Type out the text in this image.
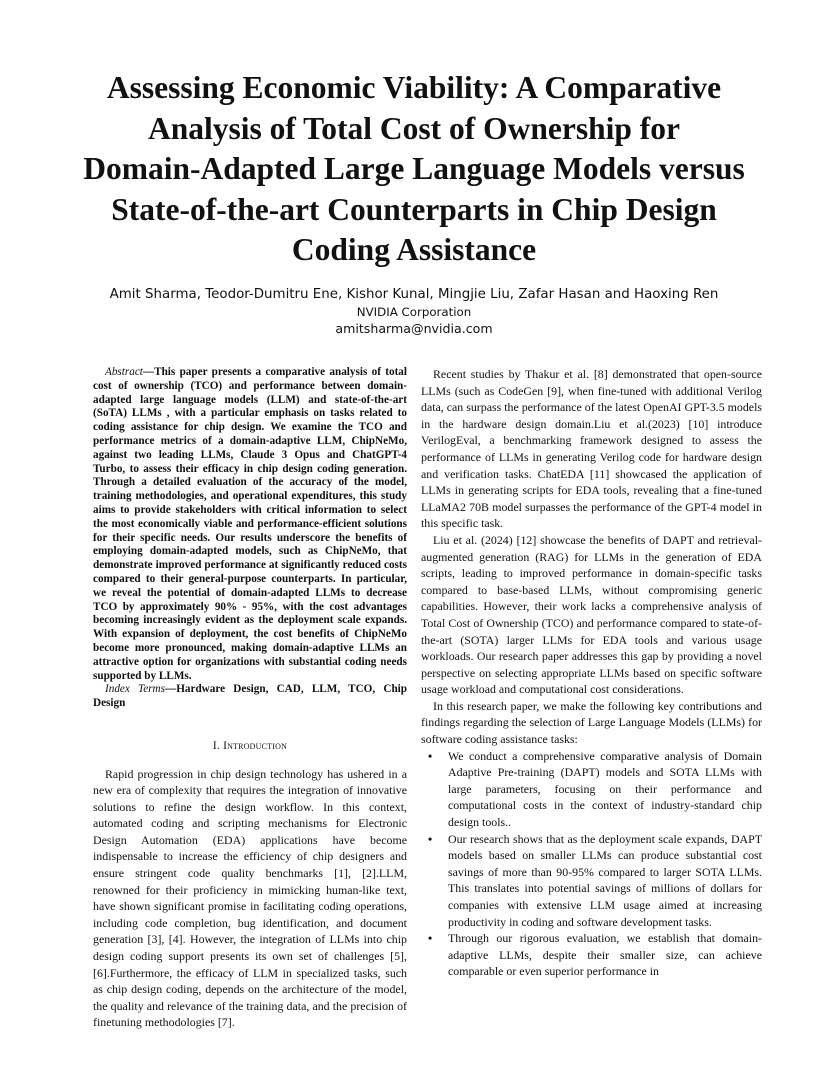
Assessing Economic Viability: A Comparative
Analysis of Total Cost of Ownership for
Domain-Adapted Large Language Models versus
State-of-the-art Counterparts in Chip Design
Coding Assistance
Amit Sharma, Teodor-Dumitru Ene, Kishor Kunal, Mingjie Liu, Zafar Hasan and Haoxing Ren
NVIDIA Corporation
amitsharma@nvidia.com

Abstract—This paper presents a comparative analysis of total cost of ownership (TCO) and performance between domain-adapted large language models (LLM) and state-of-the-art (SoTA) LLMs , with a particular emphasis on tasks related to coding assistance for chip design. We examine the TCO and performance metrics of a domain-adaptive LLM, ChipNeMo, against two leading LLMs, Claude 3 Opus and ChatGPT-4 Turbo, to assess their efficacy in chip design coding generation. Through a detailed evaluation of the accuracy of the model, training methodologies, and operational expenditures, this study aims to provide stakeholders with critical information to select the most economically viable and performance-efficient solutions for their specific needs. Our results underscore the benefits of employing domain-adapted models, such as ChipNeMo, that demonstrate improved performance at significantly reduced costs compared to their general-purpose counterparts. In particular, we reveal the potential of domain-adapted LLMs to decrease TCO by approximately 90% - 95%, with the cost advantages becoming increasingly evident as the deployment scale expands. With expansion of deployment, the cost benefits of ChipNeMo become more pronounced, making domain-adaptive LLMs an attractive option for organizations with substantial coding needs supported by LLMs.

Index Terms—Hardware Design, CAD, LLM, TCO, Chip Design

I. Introduction

Rapid progression in chip design technology has ushered in a new era of complexity that requires the integration of innovative solutions to refine the design workflow. In this context, automated coding and scripting mechanisms for Electronic Design Automation (EDA) applications have become indispensable to increase the efficiency of chip designers and ensure stringent code quality benchmarks [1], [2].LLM, renowned for their proficiency in mimicking human-like text, have shown significant promise in facilitating coding operations, including code completion, bug identification, and document generation [3], [4]. However, the integration of LLMs into chip design coding support presents its own set of challenges [5],[6].Furthermore, the efficacy of LLM in specialized tasks, such as chip design coding, depends on the architecture of the model, the quality and relevance of the training data, and the precision of finetuning methodologies [7].

Recent studies by Thakur et al. [8] demonstrated that open-source LLMs (such as CodeGen [9], when fine-tuned with additional Verilog data, can surpass the performance of the latest OpenAI GPT-3.5 models in the hardware design domain.Liu et al.(2023) [10] introduce VerilogEval, a benchmarking framework designed to assess the performance of LLMs in generating Verilog code for hardware design and verification tasks. ChatEDA [11] showcased the application of LLMs in generating scripts for EDA tools, revealing that a fine-tuned LLaMA2 70B model surpasses the performance of the GPT-4 model in this specific task.

Liu et al. (2024) [12] showcase the benefits of DAPT and retrieval-augmented generation (RAG) for LLMs in the generation of EDA scripts, leading to improved performance in domain-specific tasks compared to base-based LLMs, without compromising generic capabilities. However, their work lacks a comprehensive analysis of Total Cost of Ownership (TCO) and performance compared to state-of-the-art (SOTA) larger LLMs for EDA tools and various usage workloads. Our research paper addresses this gap by providing a novel perspective on selecting appropriate LLMs based on specific software usage workload and computational cost considerations.

In this research paper, we make the following key contributions and findings regarding the selection of Large Language Models (LLMs) for software coding assistance tasks:

• We conduct a comprehensive comparative analysis of Domain Adaptive Pre-training (DAPT) models and SOTA LLMs with large parameters, focusing on their performance and computational costs in the context of industry-standard chip design tools..
• Our research shows that as the deployment scale expands, DAPT models based on smaller LLMs can produce substantial cost savings of more than 90-95% compared to larger SOTA LLMs. This translates into potential savings of millions of dollars for companies with extensive LLM usage aimed at increasing productivity in coding and software development tasks.
• Through our rigorous evaluation, we establish that domain-adaptive LLMs, despite their smaller size, can achieve comparable or even superior performance in
